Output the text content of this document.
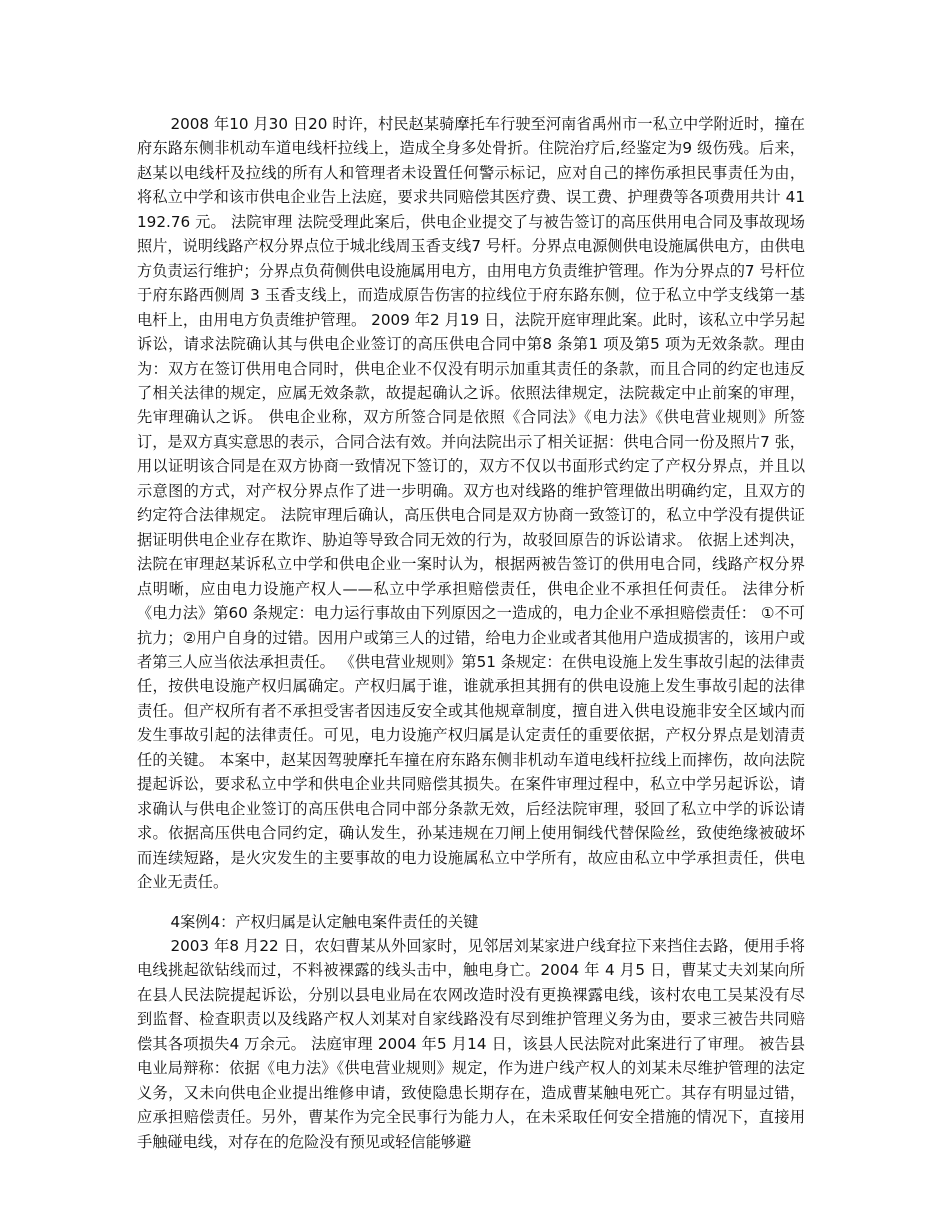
2008 年10 月30 日20 时许，村民赵某骑摩托车行驶至河南省禹州市一私立中学附近时，撞在府东路东侧非机动车道电线杆拉线上，造成全身多处骨折。住院治疗后,经鉴定为9 级伤残。后来，赵某以电线杆及拉线的所有人和管理者未设置任何警示标记，应对自己的摔伤承担民事责任为由，将私立中学和该市供电企业告上法庭，要求共同赔偿其医疗费、误工费、护理费等各项费用共计 41192.76 元。 法院审理 法院受理此案后，供电企业提交了与被告签订的高压供用电合同及事故现场照片，说明线路产权分界点位于城北线周玉香支线7 号杆。分界点电源侧供电设施属供电方，由供电方负责运行维护；分界点负荷侧供电设施属用电方，由用电方负责维护管理。作为分界点的7 号杆位于府东路西侧周 3 玉香支线上，而造成原告伤害的拉线位于府东路东侧，位于私立中学支线第一基电杆上，由用电方负责维护管理。 2009 年2 月19 日，法院开庭审理此案。此时，该私立中学另起诉讼，请求法院确认其与供电企业签订的高压供电合同中第8 条第1 项及第5 项为无效条款。理由为：双方在签订供用电合同时，供电企业不仅没有明示加重其责任的条款，而且合同的约定也违反了相关法律的规定，应属无效条款，故提起确认之诉。依照法律规定，法院裁定中止前案的审理，先审理确认之诉。 供电企业称，双方所签合同是依照《合同法》《电力法》《供电营业规则》所签订，是双方真实意思的表示，合同合法有效。并向法院出示了相关证据：供电合同一份及照片7 张，用以证明该合同是在双方协商一致情况下签订的，双方不仅以书面形式约定了产权分界点，并且以示意图的方式，对产权分界点作了进一步明确。双方也对线路的维护管理做出明确约定，且双方的约定符合法律规定。 法院审理后确认，高压供电合同是双方协商一致签订的，私立中学没有提供证据证明供电企业存在欺诈、胁迫等导致合同无效的行为，故驳回原告的诉讼请求。 依据上述判决，法院在审理赵某诉私立中学和供电企业一案时认为，根据两被告签订的供用电合同，线路产权分界点明晰，应由电力设施产权人——私立中学承担赔偿责任，供电企业不承担任何责任。 法律分析 《电力法》第60 条规定：电力运行事故由下列原因之一造成的，电力企业不承担赔偿责任： ①不可抗力；②用户自身的过错。因用户或第三人的过错，给电力企业或者其他用户造成损害的，该用户或者第三人应当依法承担责任。 《供电营业规则》第51 条规定：在供电设施上发生事故引起的法律责任，按供电设施产权归属确定。产权归属于谁，谁就承担其拥有的供电设施上发生事故引起的法律责任。但产权所有者不承担受害者因违反安全或其他规章制度，擅自进入供电设施非安全区域内而发生事故引起的法律责任。可见，电力设施产权归属是认定责任的重要依据，产权分界点是划清责任的关键。 本案中，赵某因驾驶摩托车撞在府东路东侧非机动车道电线杆拉线上而摔伤，故向法院提起诉讼，要求私立中学和供电企业共同赔偿其损失。在案件审理过程中，私立中学另起诉讼，请求确认与供电企业签订的高压供电合同中部分条款无效，后经法院审理，驳回了私立中学的诉讼请求。依据高压供电合同约定，确认发生，孙某违规在刀闸上使用铜线代替保险丝，致使绝缘被破坏而连续短路，是火灾发生的主要事故的电力设施属私立中学所有，故应由私立中学承担责任，供电企业无责任。

4案例4：产权归属是认定触电案件责任的关键

2003 年8 月22 日，农妇曹某从外回家时，见邻居刘某家进户线耷拉下来挡住去路，便用手将电线挑起欲钻线而过，不料被裸露的线头击中，触电身亡。2004 年 4 月5 日，曹某丈夫刘某向所在县人民法院提起诉讼，分别以县电业局在农网改造时没有更换裸露电线，该村农电工吴某没有尽到监督、检查职责以及线路产权人刘某对自家线路没有尽到维护管理义务为由，要求三被告共同赔偿其各项损失4 万余元。 法庭审理 2004 年5 月14 日，该县人民法院对此案进行了审理。 被告县电业局辩称：依据《电力法》《供电营业规则》规定，作为进户线产权人的刘某未尽维护管理的法定义务，又未向供电企业提出维修申请，致使隐患长期存在，造成曹某触电死亡。其存有明显过错，应承担赔偿责任。另外，曹某作为完全民事行为能力人，在未采取任何安全措施的情况下，直接用手触碰电线，对存在的危险没有预见或轻信能够避
